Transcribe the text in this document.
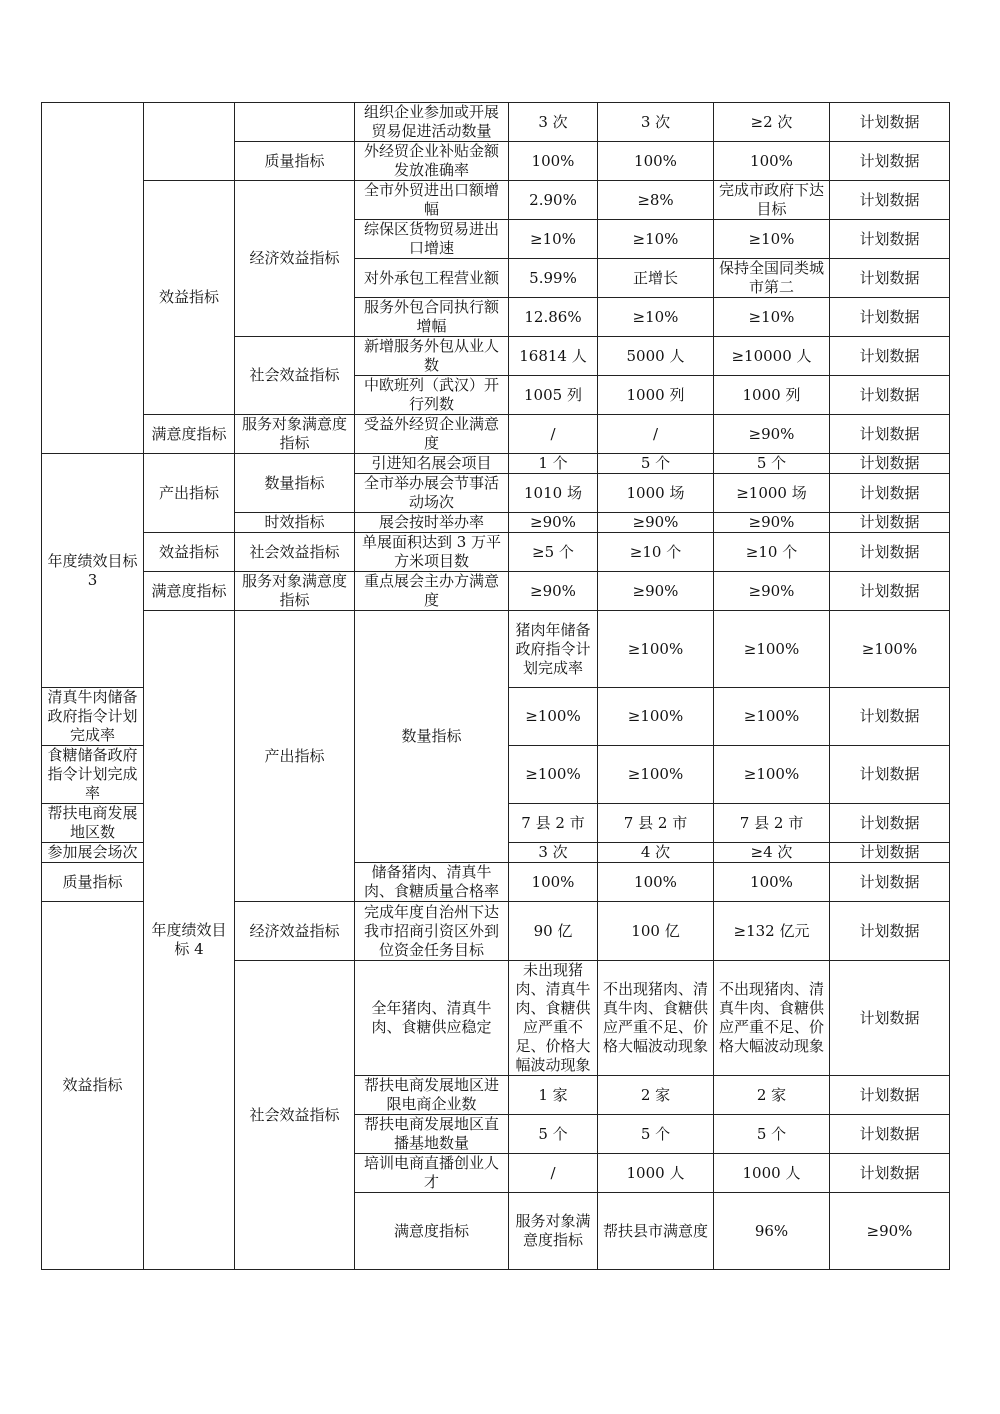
			组织企业参加或开展贸易促进活动数量	3 次	3 次	≥2 次	计划数据	
		质量指标	外经贸企业补贴金额发放准确率	100%	100%	100%	计划数据	
	效益指标	经济效益指标	全市外贸进出口额增幅	2.90%	≥8%	完成市政府下达目标	计划数据	
			综保区货物贸易进出口增速	≥10%	≥10%	≥10%	计划数据	
			对外承包工程营业额	5.99%	正增长	保持全国同类城市第二	计划数据	
			服务外包合同执行额增幅	12.86%	≥10%	≥10%	计划数据	
		社会效益指标	新增服务外包从业人数	16814 人	5000 人	≥10000 人	计划数据	
			中欧班列（武汉）开行列数	1005 列	1000 列	1000 列	计划数据	
	满意度指标	服务对象满意度指标	受益外经贸企业满意度	/	/	≥90%	计划数据	
年度绩效目标 3	产出指标	数量指标	引进知名展会项目	1 个	5 个	5 个	计划数据	
			全市举办展会节事活动场次	1010 场	1000 场	≥1000 场	计划数据	
		时效指标	展会按时举办率	≥90%	≥90%	≥90%	计划数据	
	效益指标	社会效益指标	单展面积达到 3 万平方米项目数	≥5 个	≥10 个	≥10 个	计划数据	
	满意度指标	服务对象满意度指标	重点展会主办方满意度	≥90%	≥90%	≥90%	计划数据	
	年度绩效目标 4	产出指标	数量指标	猪肉年储备政府指令计划完成率	≥100%	≥100%	≥100%	
清真牛肉储备政府指令计划完成率				≥100%	≥100%	≥100%	计划数据	
食糖储备政府指令计划完成率				≥100%	≥100%	≥100%	计划数据	
帮扶电商发展地区数				7 县 2 市	7 县 2 市	7 县 2 市	计划数据	
参加展会场次				3 次	4 次	≥4 次	计划数据	
质量指标			储备猪肉、清真牛肉、食糖质量合格率	100%	100%	100%	计划数据	
效益指标		经济效益指标	完成年度自治州下达我市招商引资区外到位资金任务目标	90 亿	100 亿	≥132 亿元	计划数据	
		社会效益指标	全年猪肉、清真牛肉、食糖供应稳定	未出现猪肉、清真牛肉、食糖供应严重不足、价格大幅波动现象	不出现猪肉、清真牛肉、食糖供应严重不足、价格大幅波动现象	不出现猪肉、清真牛肉、食糖供应严重不足、价格大幅波动现象	计划数据	
			帮扶电商发展地区进限电商企业数	1 家	2 家	2 家	计划数据	
			帮扶电商发展地区直播基地数量	5 个	5 个	5 个	计划数据	
			培训电商直播创业人才	/	1000 人	1000 人	计划数据	
			满意度指标	服务对象满意度指标	帮扶县市满意度	96%	≥90%		
